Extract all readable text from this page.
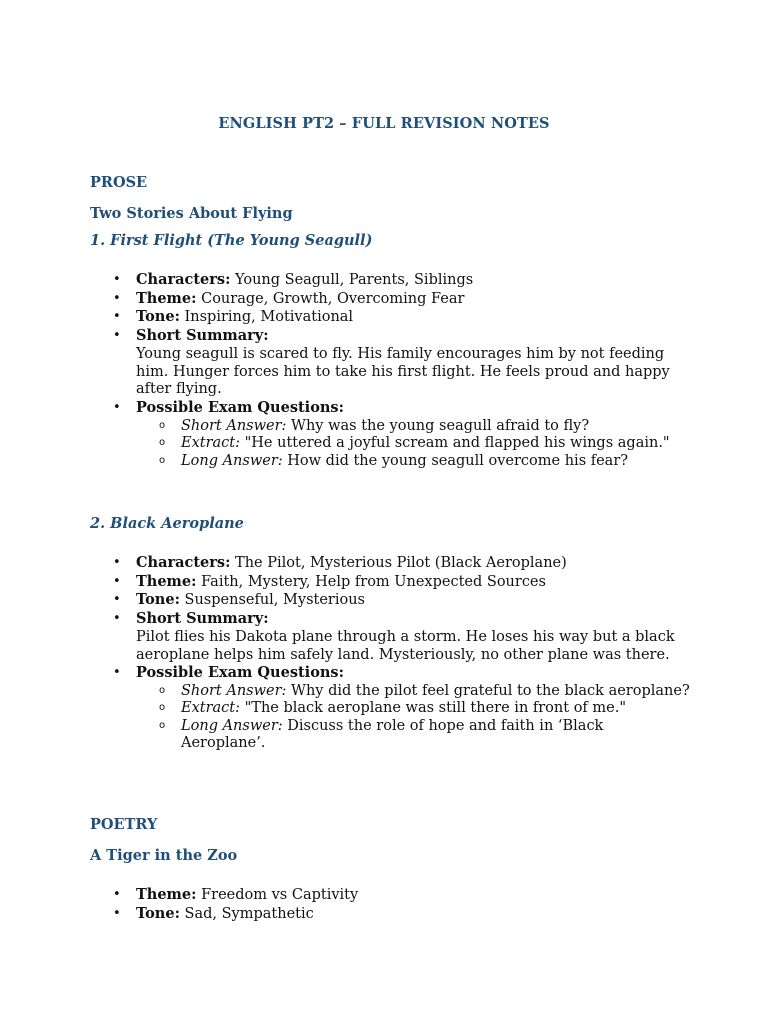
ENGLISH PT2 – FULL REVISION NOTES
PROSE
Two Stories About Flying
1. First Flight (The Young Seagull)
• Characters: Young Seagull, Parents, Siblings
• Theme: Courage, Growth, Overcoming Fear
• Tone: Inspiring, Motivational
• Short Summary:
Young seagull is scared to fly. His family encourages him by not feeding him. Hunger forces him to take his first flight. He feels proud and happy after flying.
• Possible Exam Questions:
o Short Answer: Why was the young seagull afraid to fly?
o Extract: "He uttered a joyful scream and flapped his wings again."
o Long Answer: How did the young seagull overcome his fear?
2. Black Aeroplane
• Characters: The Pilot, Mysterious Pilot (Black Aeroplane)
• Theme: Faith, Mystery, Help from Unexpected Sources
• Tone: Suspenseful, Mysterious
• Short Summary:
Pilot flies his Dakota plane through a storm. He loses his way but a black aeroplane helps him safely land. Mysteriously, no other plane was there.
• Possible Exam Questions:
o Short Answer: Why did the pilot feel grateful to the black aeroplane?
o Extract: "The black aeroplane was still there in front of me."
o Long Answer: Discuss the role of hope and faith in ‘Black Aeroplane’.
POETRY
A Tiger in the Zoo
• Theme: Freedom vs Captivity
• Tone: Sad, Sympathetic
